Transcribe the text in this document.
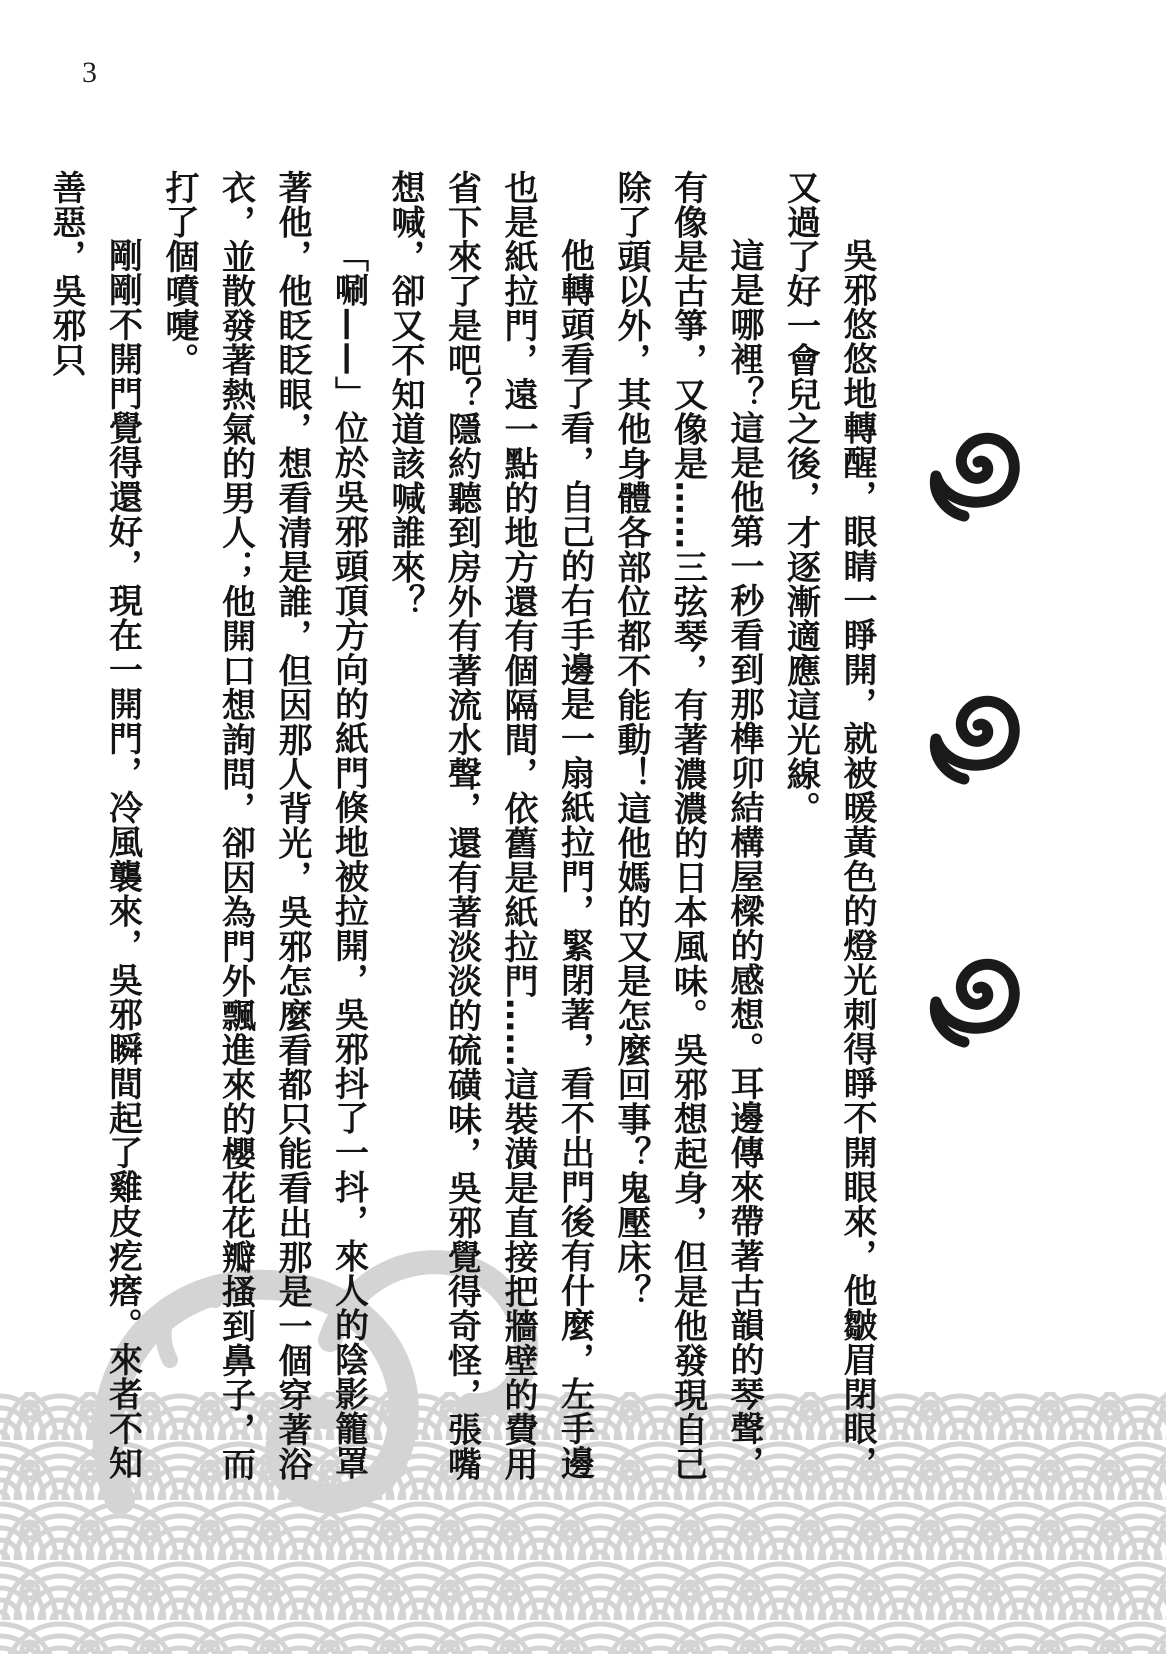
3

吳邪悠悠地轉醒，眼睛一睜開，就被暖黃色的燈光刺得睜不開眼來，他皺眉閉眼，又過了好一會兒之後，才逐漸適應這光線。

這是哪裡？這是他第一秒看到那榫卯結構屋樑的感想。耳邊傳來帶著古韻的琴聲，有像是古箏，又像是……三弦琴，有著濃濃的日本風味。吳邪想起身，但是他發現自己除了頭以外，其他身體各部位都不能動！這他媽的又是怎麼回事？鬼壓床？

他轉頭看了看，自己的右手邊是一扇紙拉門，緊閉著，看不出門後有什麼，左手邊也是紙拉門，遠一點的地方還有個隔間，依舊是紙拉門……這裝潢是直接把牆壁的費用省下來了是吧？隱約聽到房外有著流水聲，還有著淡淡的硫磺味，吳邪覺得奇怪，張嘴想喊，卻又不知道該喊誰來？

「唰——」位於吳邪頭頂方向的紙門倏地被拉開，吳邪抖了一抖，來人的陰影籠罩著他，他眨眨眼，想看清是誰，但因那人背光，吳邪怎麼看都只能看出那是一個穿著浴衣，並散發著熱氣的男人；他開口想詢問，卻因為門外飄進來的櫻花花瓣搔到鼻子，而打了個噴嚏。

剛剛不開門覺得還好，現在一開門，冷風襲來，吳邪瞬間起了雞皮疙瘩。來者不知善惡，吳邪只
